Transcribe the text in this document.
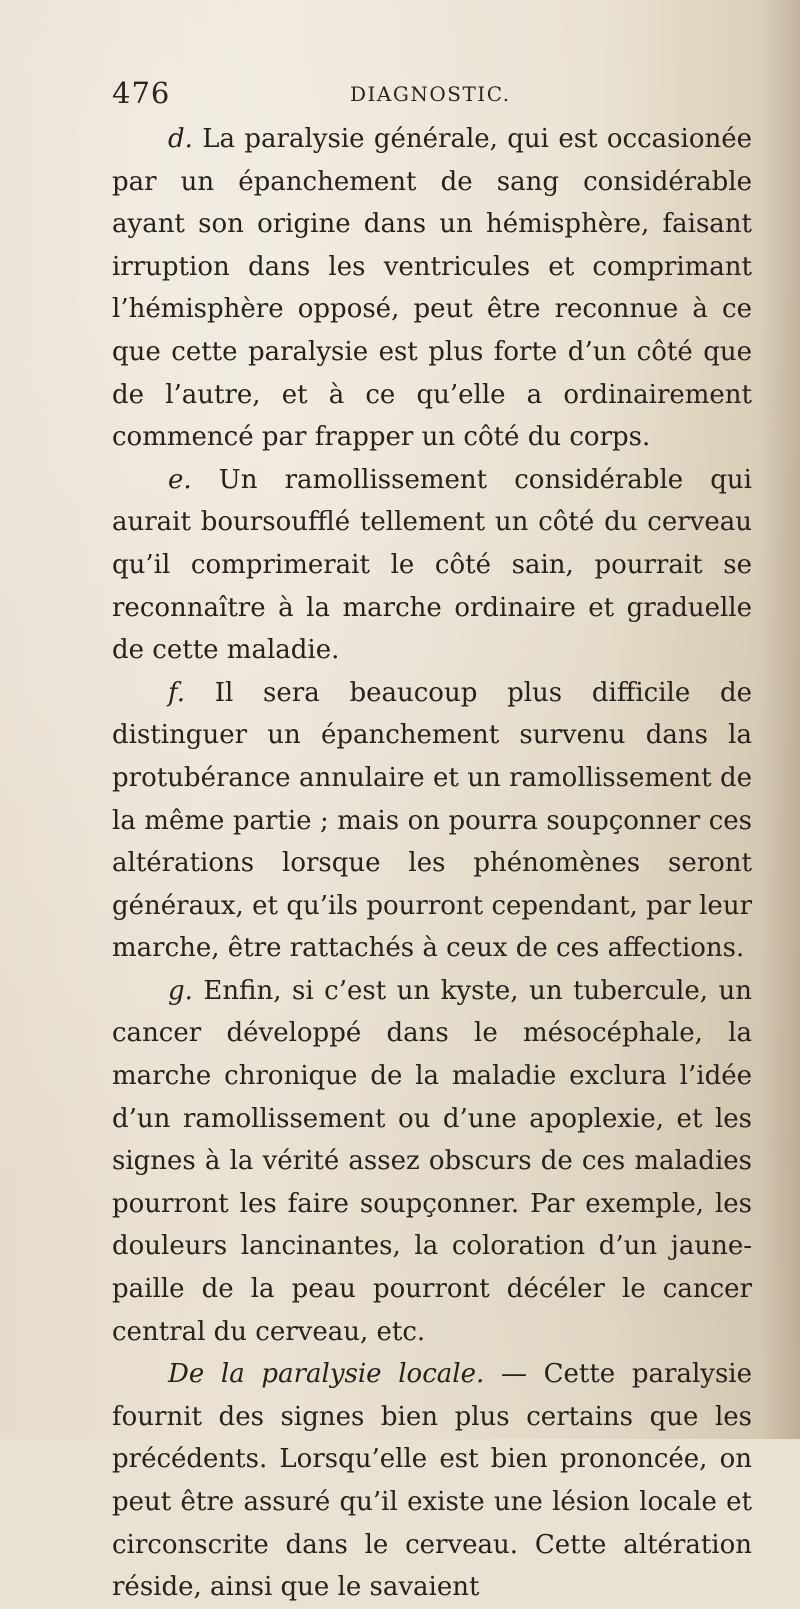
476	DIAGNOSTIC.

d. La paralysie générale, qui est occasionée par un épanchement de sang considérable ayant son origine dans un hémisphère, faisant irruption dans les ventricules et comprimant l’hémisphère opposé, peut être reconnue à ce que cette paralysie est plus forte d’un côté que de l’autre, et à ce qu’elle a ordinairement commencé par frapper un côté du corps.

e. Un ramollissement considérable qui aurait boursoufflé tellement un côté du cerveau qu’il comprimerait le côté sain, pourrait se reconnaître à la marche ordinaire et graduelle de cette maladie.

f. Il sera beaucoup plus difficile de distinguer un épanchement survenu dans la protubérance annulaire et un ramollissement de la même partie ; mais on pourra soupçonner ces altérations lorsque les phénomènes seront généraux, et qu’ils pourront cependant, par leur marche, être rattachés à ceux de ces affections.

g. Enfin, si c’est un kyste, un tubercule, un cancer développé dans le mésocéphale, la marche chronique de la maladie exclura l’idée d’un ramollissement ou d’une apoplexie, et les signes à la vérité assez obscurs de ces maladies pourront les faire soupçonner. Par exemple, les douleurs lancinantes, la coloration d’un jaune-paille de la peau pourront décéler le cancer central du cerveau, etc.

De la paralysie locale. — Cette paralysie fournit des signes bien plus certains que les précédents. Lorsqu’elle est bien prononcée, on peut être assuré qu’il existe une lésion locale et circonscrite dans le cerveau. Cette altération réside, ainsi que le savaient
